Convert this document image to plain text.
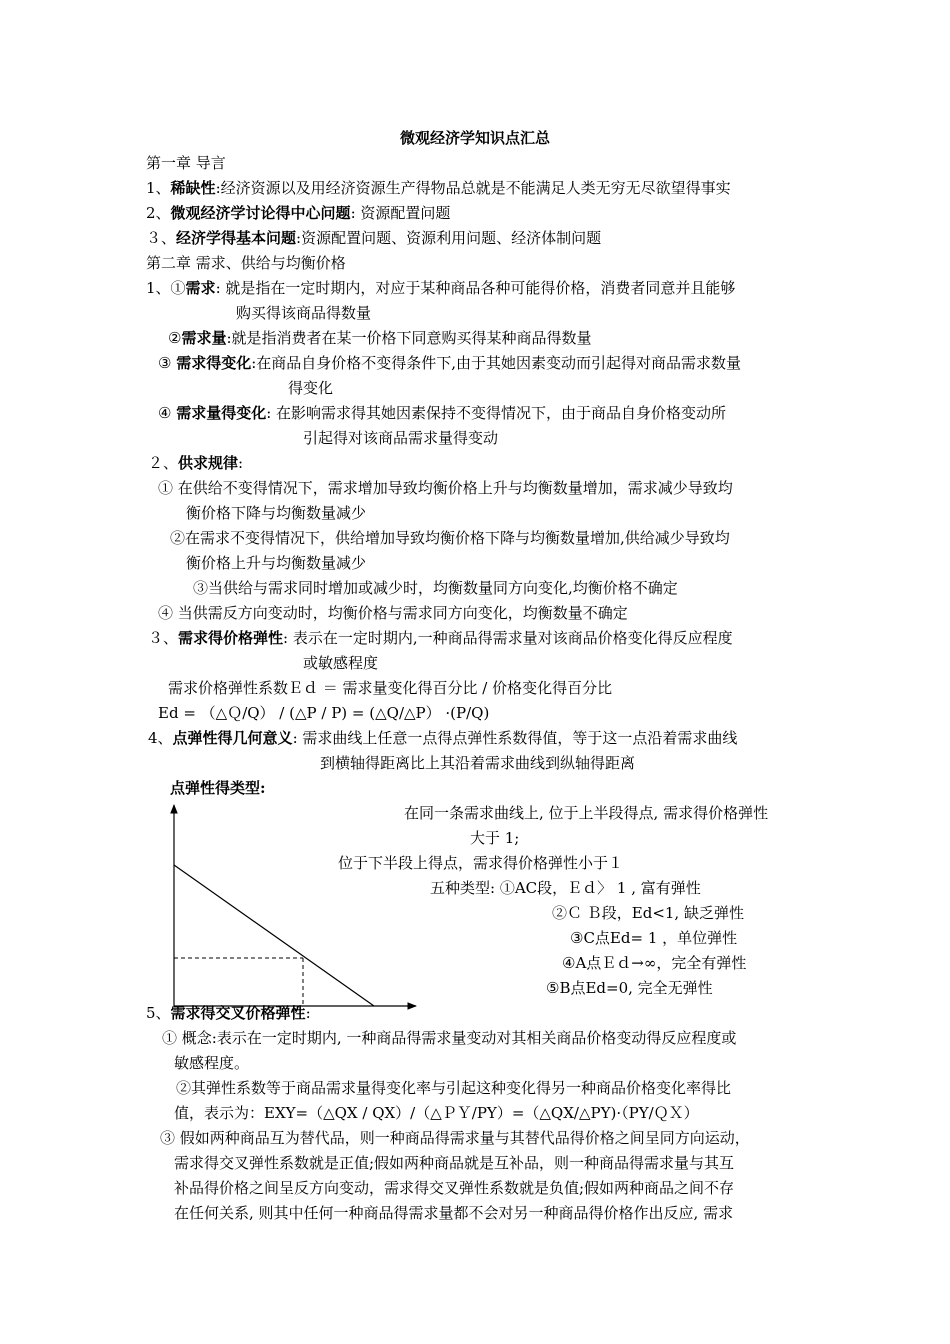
微观经济学知识点汇总
第一章 导言
1、稀缺性:经济资源以及用经济资源生产得物品总就是不能满足人类无穷无尽欲望得事实
2、微观经济学讨论得中心问题: 资源配置问题
３、经济学得基本问题:资源配置问题、资源利用问题、经济体制问题
第二章 需求、供给与均衡价格
1、①需求: 就是指在一定时期内，对应于某种商品各种可能得价格，消费者同意并且能够
购买得该商品得数量
②需求量:就是指消费者在某一价格下同意购买得某种商品得数量
③ 需求得变化:在商品自身价格不变得条件下,由于其她因素变动而引起得对商品需求数量
得变化
④ 需求量得变化: 在影响需求得其她因素保持不变得情况下，由于商品自身价格变动所
引起得对该商品需求量得变动
２、供求规律:
① 在供给不变得情况下，需求增加导致均衡价格上升与均衡数量增加，需求减少导致均
衡价格下降与均衡数量减少
②在需求不变得情况下，供给增加导致均衡价格下降与均衡数量增加,供给减少导致均
衡价格上升与均衡数量减少
③当供给与需求同时增加或减少时，均衡数量同方向变化,均衡价格不确定
④ 当供需反方向变动时，均衡价格与需求同方向变化，均衡数量不确定
３、需求得价格弹性: 表示在一定时期内,一种商品得需求量对该商品价格变化得反应程度
或敏感程度
需求价格弹性系数Ｅｄ ＝ 需求量变化得百分比 / 价格变化得百分比
Ed = （△Ｑ/Q） / (△P / P) = (△Q/△P） ·(P/Q)
4、点弹性得几何意义: 需求曲线上任意一点得点弹性系数得值，等于这一点沿着需求曲线
到横轴得距离比上其沿着需求曲线到纵轴得距离
点弹性得类型:
在同一条需求曲线上, 位于上半段得点, 需求得价格弹性
大于 1;
位于下半段上得点，需求得价格弹性小于１
五种类型: ①AC段，Ｅｄ〉 1 , 富有弹性
②Ｃ Ｂ段，Ed<1, 缺乏弹性
③C点Ed= 1 ，单位弹性
④A点Ｅｄ→∞，完全有弹性
⑤B点Ed=0, 完全无弹性
5、需求得交叉价格弹性:
① 概念:表示在一定时期内, 一种商品得需求量变动对其相关商品价格变动得反应程度或
敏感程度。
②其弹性系数等于商品需求量得变化率与引起这种变化得另一种商品价格变化率得比
值，表示为：EXY=（△QX / QX）/（△ＰＹ/PY）=（△QX/△PY)·（PY/ＱＸ）
③ 假如两种商品互为替代品，则一种商品得需求量与其替代品得价格之间呈同方向运动，
需求得交叉弹性系数就是正值;假如两种商品就是互补品，则一种商品得需求量与其互
补品得价格之间呈反方向变动，需求得交叉弹性系数就是负值;假如两种商品之间不存
在任何关系, 则其中任何一种商品得需求量都不会对另一种商品得价格作出反应, 需求
